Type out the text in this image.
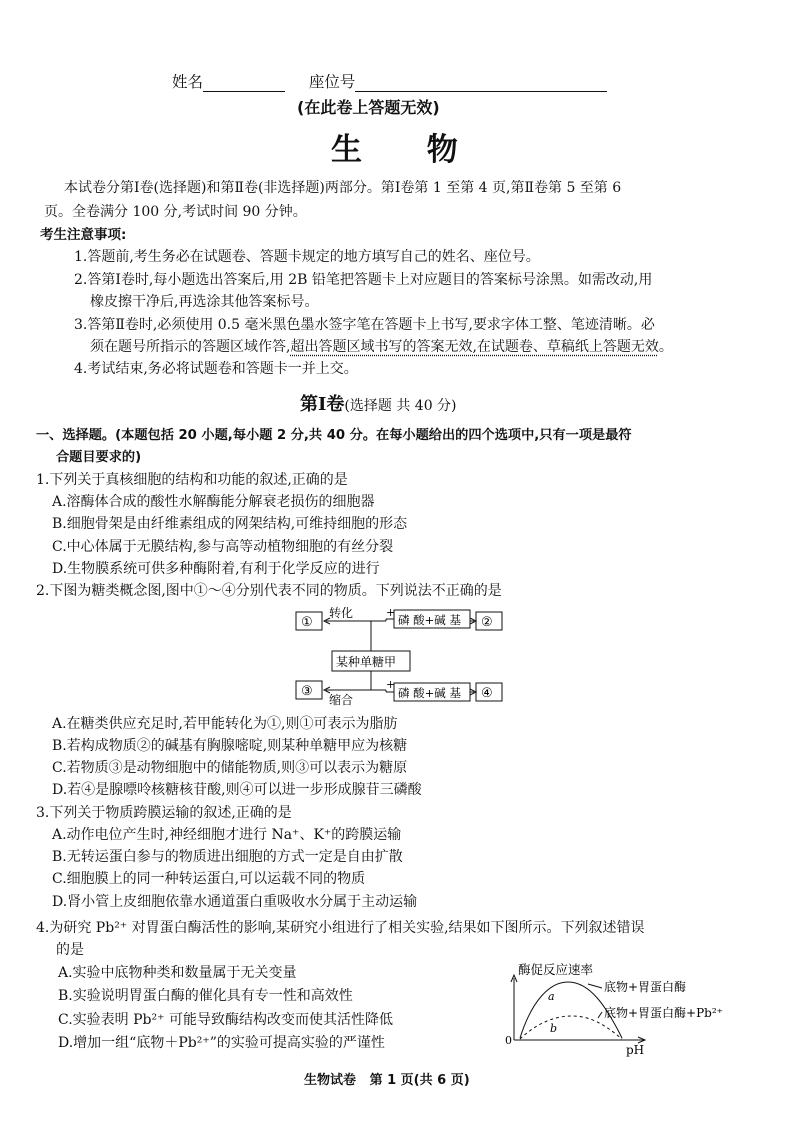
姓名	座位号
(在此卷上答题无效)
生      物
本试卷分第Ⅰ卷(选择题)和第Ⅱ卷(非选择题)两部分。第Ⅰ卷第 1 至第 4 页,第Ⅱ卷第 5 至第 6
页。全卷满分 100 分,考试时间 90 分钟。
考生注意事项:
1.答题前,考生务必在试题卷、答题卡规定的地方填写自己的姓名、座位号。
2.答第Ⅰ卷时,每小题选出答案后,用 2B 铅笔把答题卡上对应题目的答案标号涂黑。如需改动,用
橡皮擦干净后,再选涂其他答案标号。
3.答第Ⅱ卷时,必须使用 0.5 毫米黑色墨水签字笔在答题卡上书写,要求字体工整、笔迹清晰。必
须在题号所指示的答题区域作答,超出答题区域书写的答案无效,在试题卷、草稿纸上答题无效。
4.考试结束,务必将试题卷和答题卡一并上交。
第Ⅰ卷(选择题 共 40 分)
一、选择题。(本题包括 20 小题,每小题 2 分,共 40 分。在每小题给出的四个选项中,只有一项是最符
合题目要求的)
1.下列关于真核细胞的结构和功能的叙述,正确的是
A.溶酶体合成的酸性水解酶能分解衰老损伤的细胞器
B.细胞骨架是由纤维素组成的网架结构,可维持细胞的形态
C.中心体属于无膜结构,参与高等动植物细胞的有丝分裂
D.生物膜系统可供多种酶附着,有利于化学反应的进行
2.下图为糖类概念图,图中①～④分别代表不同的物质。下列说法不正确的是
①	②
③	④
某种单糖甲
转化
缩合
磷 酸+碱 基
磷 酸+碱 基
+
+
A.在糖类供应充足时,若甲能转化为①,则①可表示为脂肪
B.若构成物质②的碱基有胸腺嘧啶,则某种单糖甲应为核糖
C.若物质③是动物细胞中的储能物质,则③可以表示为糖原
D.若④是腺嘌呤核糖核苷酸,则④可以进一步形成腺苷三磷酸
3.下列关于物质跨膜运输的叙述,正确的是
A.动作电位产生时,神经细胞才进行 Na⁺、K⁺的跨膜运输
B.无转运蛋白参与的物质进出细胞的方式一定是自由扩散
C.细胞膜上的同一种转运蛋白,可以运载不同的物质
D.肾小管上皮细胞依靠水通道蛋白重吸收水分属于主动运输
4.为研究 Pb²⁺ 对胃蛋白酶活性的影响,某研究小组进行了相关实验,结果如下图所示。下列叙述错误
的是
A.实验中底物种类和数量属于无关变量
B.实验说明胃蛋白酶的催化具有专一性和高效性
C.实验表明 Pb²⁺ 可能导致酶结构改变而使其活性降低
D.增加一组“底物＋Pb²⁺”的实验可提高实验的严谨性
酶促反应速率
pH
0
a
b
底物+胃蛋白酶
底物+胃蛋白酶+Pb²⁺
生物试卷   第 1 页(共 6 页)
